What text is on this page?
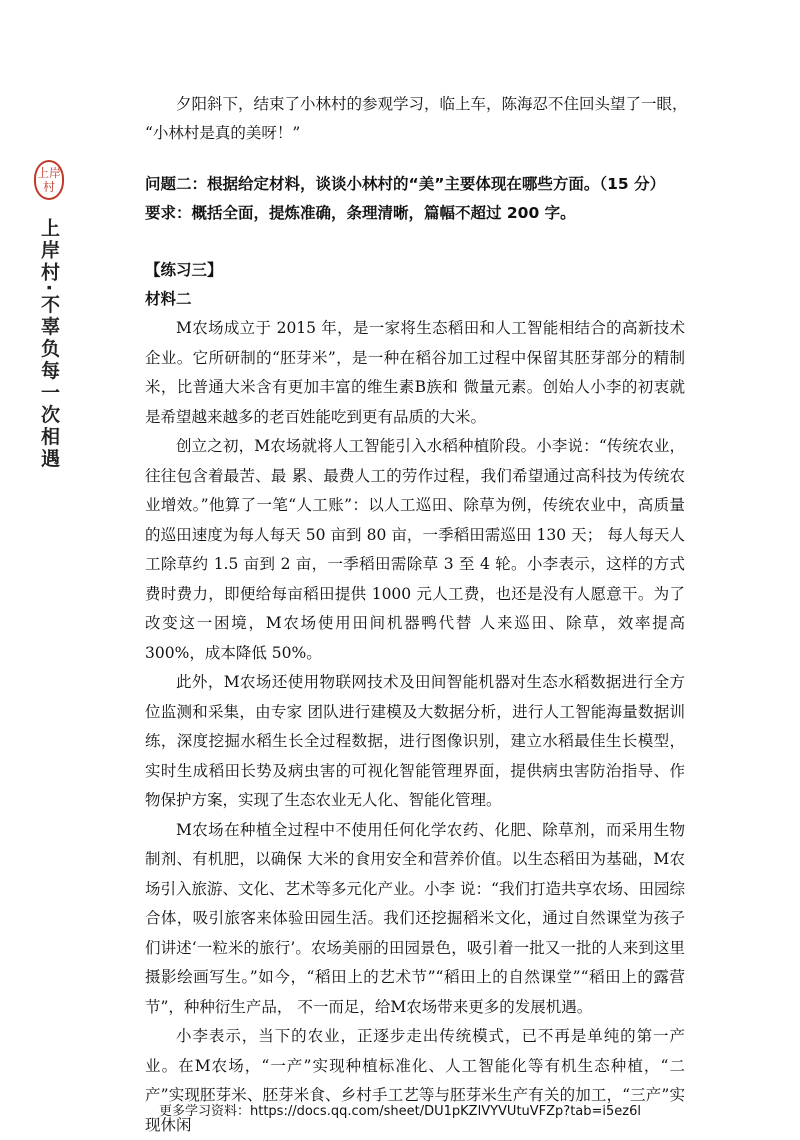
上岸
村
上岸村·不辜负每一次相遇
夕阳斜下，结束了小林村的参观学习，临上车，陈海忍不住回头望了一眼，
“小林村是真的美呀！”
问题二：根据给定材料，谈谈小林村的“美”主要体现在哪些方面。（15 分）
要求：概括全面，提炼准确，条理清晰，篇幅不超过 200 字。
【练习三】
材料二

M农场成立于 2015 年，是一家将生态稻田和人工智能相结合的高新技术企业。它所研制的“胚芽米”，是一种在稻谷加工过程中保留其胚芽部分的精制米，比普通大米含有更加丰富的维生素B族和 微量元素。创始人小李的初衷就是希望越来越多的老百姓能吃到更有品质的大米。

创立之初，M农场就将人工智能引入水稻种植阶段。小李说：“传统农业，往往包含着最苦、最 累、最费人工的劳作过程，我们希望通过高科技为传统农业增效。”他算了一笔“人工账”：以人工巡田、除草为例，传统农业中，高质量的巡田速度为每人每天 50 亩到 80 亩，一季稻田需巡田 130 天； 每人每天人工除草约 1.5 亩到 2 亩，一季稻田需除草 3 至 4 轮。小李表示，这样的方式费时费力，即便给每亩稻田提供 1000 元人工费，也还是没有人愿意干。为了改变这一困境，M农场使用田间机器鸭代替 人来巡田、除草，效率提高 300%，成本降低 50%。

此外，M农场还使用物联网技术及田间智能机器对生态水稻数据进行全方位监测和采集，由专家 团队进行建模及大数据分析，进行人工智能海量数据训练，深度挖掘水稻生长全过程数据，进行图像识别，建立水稻最佳生长模型，实时生成稻田长势及病虫害的可视化智能管理界面，提供病虫害防治指导、作物保护方案，实现了生态农业无人化、智能化管理。

M农场在种植全过程中不使用任何化学农药、化肥、除草剂，而采用生物制剂、有机肥，以确保 大米的食用安全和营养价值。以生态稻田为基础，M农场引入旅游、文化、艺术等多元化产业。小李 说：“我们打造共享农场、田园综合体，吸引旅客来体验田园生活。我们还挖掘稻米文化，通过自然课堂为孩子们讲述‘一粒米的旅行’。农场美丽的田园景色，吸引着一批又一批的人来到这里摄影绘画写生。”如今，“稻田上的艺术节”“稻田上的自然课堂”“稻田上的露营节”，种种衍生产品， 不一而足，给M农场带来更多的发展机遇。

小李表示，当下的农业，正逐步走出传统模式，已不再是单纯的第一产业。在M农场，“一产”实现种植标准化、人工智能化等有机生态种植，“二产”实现胚芽米、胚芽米食、乡村手工艺等与胚芽米生产有关的加工，“三产”实现休闲

更多学习资料：https://docs.qq.com/sheet/DU1pKZlVYVUtuVFZp?tab=i5ez6l
